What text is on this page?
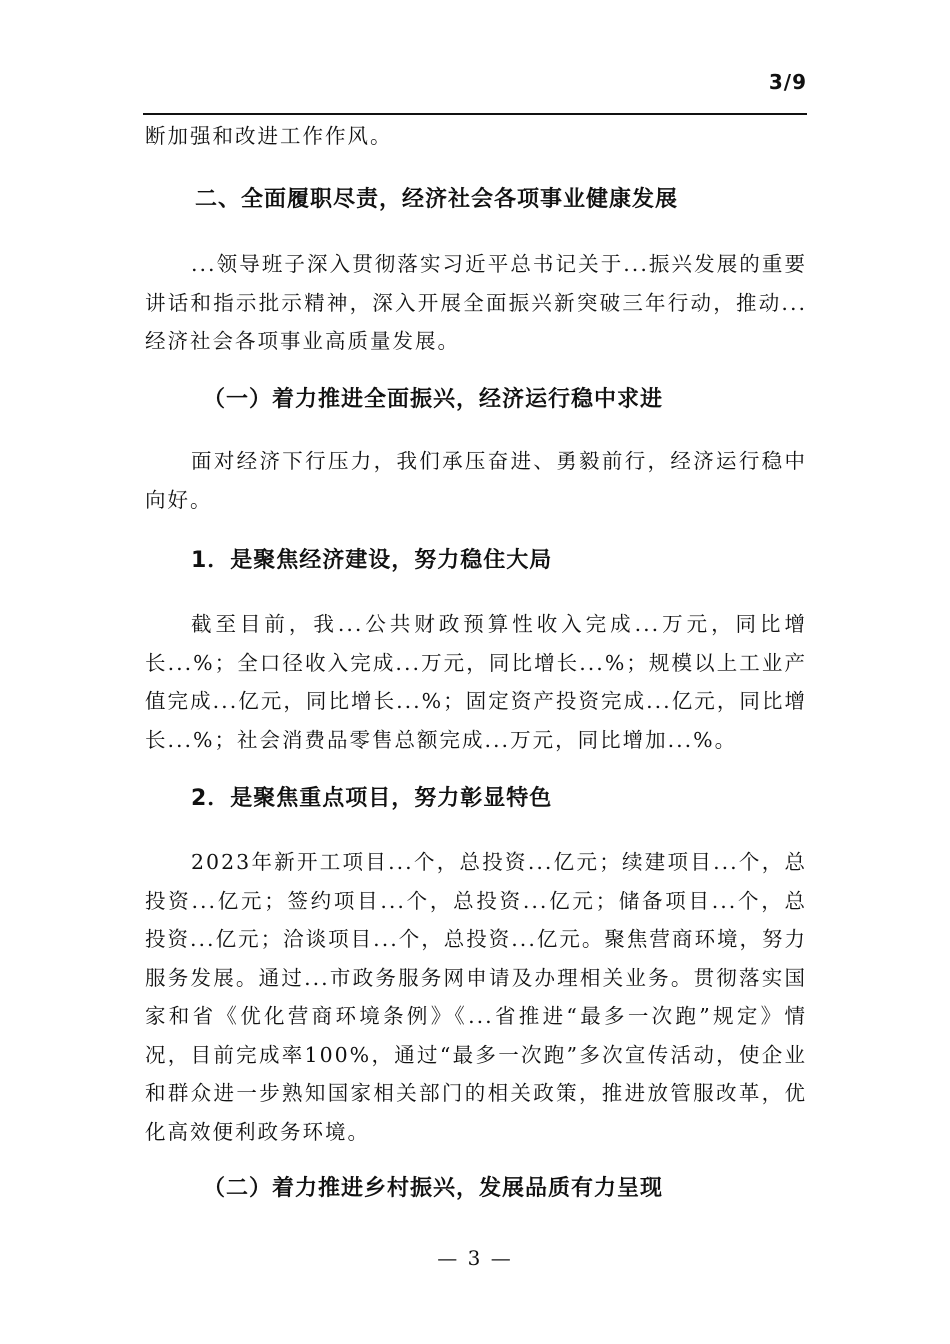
3/9

断加强和改进工作作风。

二、全面履职尽责，经济社会各项事业健康发展

...领导班子深入贯彻落实习近平总书记关于...振兴发展的重要讲话和指示批示精神，深入开展全面振兴新突破三年行动，推动...经济社会各项事业高质量发展。

（一）着力推进全面振兴，经济运行稳中求进

面对经济下行压力，我们承压奋进、勇毅前行，经济运行稳中向好。

1．是聚焦经济建设，努力稳住大局

截至目前，我...公共财政预算性收入完成...万元，同比增长...%；全口径收入完成...万元，同比增长...%；规模以上工业产值完成...亿元，同比增长...%；固定资产投资完成...亿元，同比增长...%；社会消费品零售总额完成...万元，同比增加...%。

2．是聚焦重点项目，努力彰显特色

2023年新开工项目...个，总投资...亿元；续建项目...个，总投资...亿元；签约项目...个，总投资...亿元；储备项目...个，总投资...亿元；洽谈项目...个，总投资...亿元。聚焦营商环境，努力服务发展。通过...市政务服务网申请及办理相关业务。贯彻落实国家和省《优化营商环境条例》《...省推进“最多一次跑”规定》情况，目前完成率100%，通过“最多一次跑”多次宣传活动，使企业和群众进一步熟知国家相关部门的相关政策，推进放管服改革，优化高效便利政务环境。

（二）着力推进乡村振兴，发展品质有力呈现
— 3 —
